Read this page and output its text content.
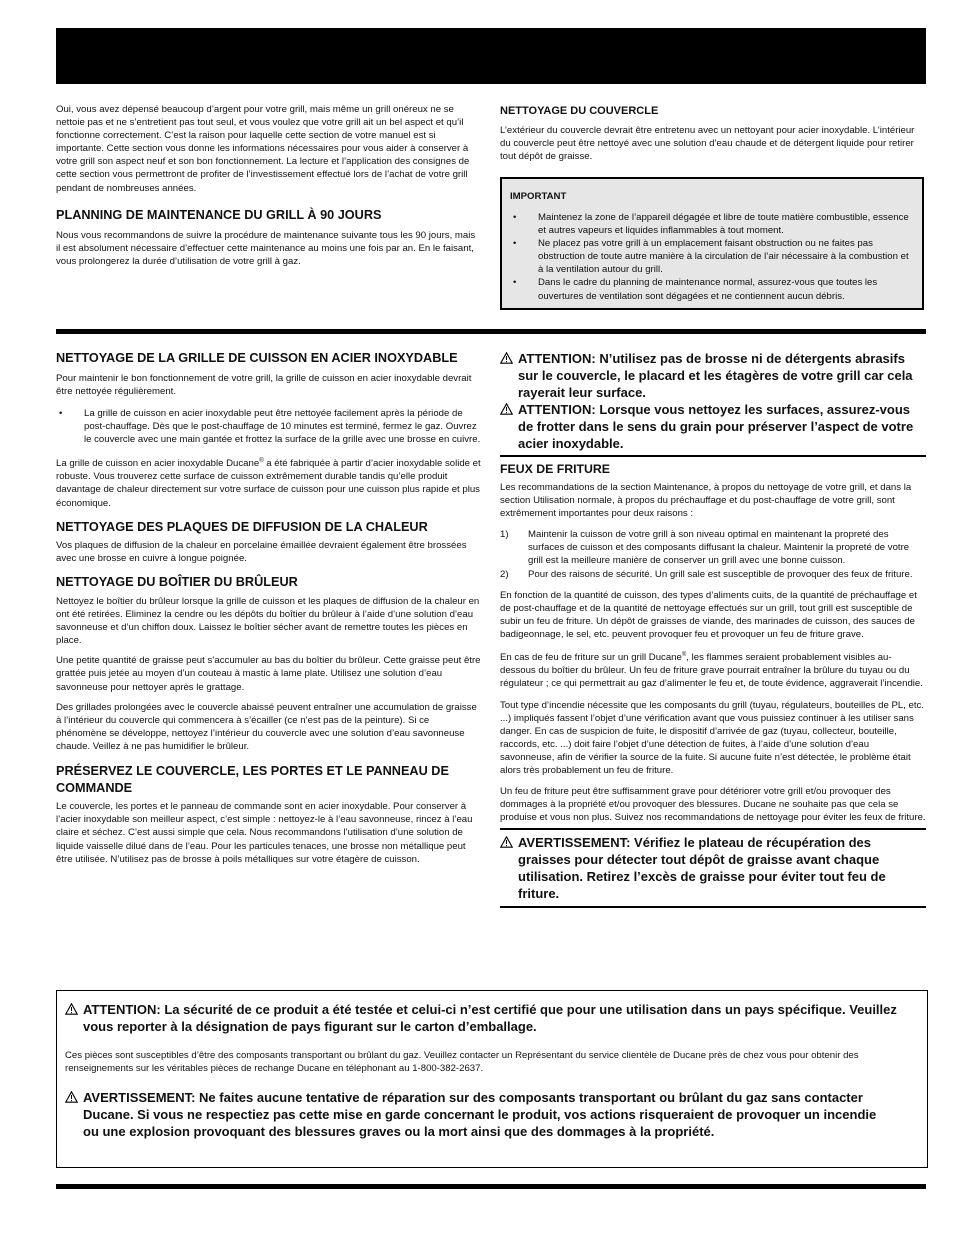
Oui, vous avez dépensé beaucoup d’argent pour votre grill, mais même un grill onéreux ne se nettoie pas et ne s’entretient pas tout seul, et vous voulez que votre grill ait un bel aspect et qu’il fonctionne correctement. C’est la raison pour laquelle cette section de votre manuel est si importante. Cette section vous donne les informations nécessaires pour vous aider à conserver à votre grill son aspect neuf et son bon fonctionnement. La lecture et l’application des consignes de cette section vous permettront de profiter de l’investissement effectué lors de l’achat de votre grill pendant de nombreuses années.

PLANNING DE MAINTENANCE DU GRILL À 90 JOURS

Nous vous recommandons de suivre la procédure de maintenance suivante tous les 90 jours, mais il est absolument nécessaire d’effectuer cette maintenance au moins une fois par an. En le faisant, vous prolongerez la durée d’utilisation de votre grill à gaz.

NETTOYAGE DU COUVERCLE

L’extérieur du couvercle devrait être entretenu avec un nettoyant pour acier inoxydable. L’intérieur du couvercle peut être nettoyé avec une solution d’eau chaude et de détergent liquide pour retirer tout dépôt de graisse.

IMPORTANT
• Maintenez la zone de l’appareil dégagée et libre de toute matière combustible, essence et autres vapeurs et liquides inflammables à tout moment.
• Ne placez pas votre grill à un emplacement faisant obstruction ou ne faites pas obstruction de toute autre manière à la circulation de l’air nécessaire à la combustion et à la ventilation autour du grill.
• Dans le cadre du planning de maintenance normal, assurez-vous que toutes les ouvertures de ventilation sont dégagées et ne contiennent aucun débris.
NETTOYAGE DE LA GRILLE DE CUISSON EN ACIER INOXYDABLE

Pour maintenir le bon fonctionnement de votre grill, la grille de cuisson en acier inoxydable devrait être nettoyée régulièrement.

• La grille de cuisson en acier inoxydable peut être nettoyée facilement après la période de post-chauffage. Dès que le post-chauffage de 10 minutes est terminé, fermez le gaz. Ouvrez le couvercle avec une main gantée et frottez la surface de la grille avec une brosse en cuivre.

La grille de cuisson en acier inoxydable Ducane® a été fabriquée à partir d’acier inoxydable solide et robuste. Vous trouverez cette surface de cuisson extrêmement durable tandis qu’elle produit davantage de chaleur directement sur votre surface de cuisson pour une cuisson plus rapide et plus économique.

NETTOYAGE DES PLAQUES DE DIFFUSION DE LA CHALEUR

Vos plaques de diffusion de la chaleur en porcelaine émaillée devraient également être brossées avec une brosse en cuivre à longue poignée.

NETTOYAGE DU BOÎTIER DU BRÛLEUR

Nettoyez le boîtier du brûleur lorsque la grille de cuisson et les plaques de diffusion de la chaleur en ont été retirées. Eliminez la cendre ou les dépôts du boîtier du brûleur à l’aide d’une solution d’eau savonneuse et d’un chiffon doux. Laissez le boîtier sécher avant de remettre toutes les pièces en place.

Une petite quantité de graisse peut s’accumuler au bas du boîtier du brûleur. Cette graisse peut être grattée puis jetée au moyen d’un couteau à mastic à lame plate. Utilisez une solution d’eau savonneuse pour nettoyer après le grattage.

Des grillades prolongées avec le couvercle abaissé peuvent entraîner une accumulation de graisse à l’intérieur du couvercle qui commencera à s’écailler (ce n’est pas de la peinture). Si ce phénomène se développe, nettoyez l’intérieur du couvercle avec une solution d’eau savonneuse chaude. Veillez à ne pas humidifier le brûleur.

PRÉSERVEZ LE COUVERCLE, LES PORTES ET LE PANNEAU DE COMMANDE

Le couvercle, les portes et le panneau de commande sont en acier inoxydable. Pour conserver à l’acier inoxydable son meilleur aspect, c’est simple : nettoyez-le à l’eau savonneuse, rincez à l’eau claire et séchez. C’est aussi simple que cela. Nous recommandons l’utilisation d’une solution de liquide vaisselle dilué dans de l’eau. Pour les particules tenaces, une brosse non métallique peut être utilisée. N’utilisez pas de brosse à poils métalliques sur votre étagère de cuisson.

ATTENTION: N’utilisez pas de brosse ni de détergents abrasifs sur le couvercle, le placard et les étagères de votre grill car cela rayerait leur surface.
ATTENTION: Lorsque vous nettoyez les surfaces, assurez-vous de frotter dans le sens du grain pour préserver l’aspect de votre acier inoxydable.
FEUX DE FRITURE

Les recommandations de la section Maintenance, à propos du nettoyage de votre grill, et dans la section Utilisation normale, à propos du préchauffage et du post-chauffage de votre grill, sont extrêmement importantes pour deux raisons :

1) Maintenir la cuisson de votre grill à son niveau optimal en maintenant la propreté des surfaces de cuisson et des composants diffusant la chaleur. Maintenir la propreté de votre grill est la meilleure manière de conserver un grill avec une bonne cuisson.
2) Pour des raisons de sécurité. Un grill sale est susceptible de provoquer des feux de friture.

En fonction de la quantité de cuisson, des types d’aliments cuits, de la quantité de préchauffage et de post-chauffage et de la quantité de nettoyage effectués sur un grill, tout grill est susceptible de subir un feu de friture. Un dépôt de graisses de viande, des marinades de cuisson, des sauces de badigeonnage, le sel, etc. peuvent provoquer feu et provoquer un feu de friture grave.

En cas de feu de friture sur un grill Ducane®, les flammes seraient probablement visibles au-dessous du boîtier du brûleur. Un feu de friture grave pourrait entraîner la brûlure du tuyau ou du régulateur ; ce qui permettrait au gaz d’alimenter le feu et, de toute évidence, aggraverait l’incendie.

Tout type d’incendie nécessite que les composants du grill (tuyau, régulateurs, bouteilles de PL, etc. ...) impliqués fassent l’objet d’une vérification avant que vous puissiez continuer à les utiliser sans danger. En cas de suspicion de fuite, le dispositif d’arrivée de gaz (tuyau, collecteur, bouteille, raccords, etc. ...) doit faire l’objet d’une détection de fuites, à l’aide d’une solution d’eau savonneuse, afin de vérifier la source de la fuite. Si aucune fuite n’est détectée, le problème était alors très probablement un feu de friture.

Un feu de friture peut être suffisamment grave pour détériorer votre grill et/ou provoquer des dommages à la propriété et/ou provoquer des blessures. Ducane ne souhaite pas que cela se produise et vous non plus. Suivez nos recommandations de nettoyage pour éviter les feux de friture.

AVERTISSEMENT: Vérifiez le plateau de récupération des graisses pour détecter tout dépôt de graisse avant chaque utilisation. Retirez l’excès de graisse pour éviter tout feu de friture.
ATTENTION: La sécurité de ce produit a été testée et celui-ci n’est certifié que pour une utilisation dans un pays spécifique. Veuillez vous reporter à la désignation de pays figurant sur le carton d’emballage.

Ces pièces sont susceptibles d’être des composants transportant ou brûlant du gaz. Veuillez contacter un Représentant du service clientèle de Ducane près de chez vous pour obtenir des renseignements sur les véritables pièces de rechange Ducane en téléphonant au 1-800-382-2637.

AVERTISSEMENT: Ne faites aucune tentative de réparation sur des composants transportant ou brûlant du gaz sans contacter Ducane. Si vous ne respectiez pas cette mise en garde concernant le produit, vos actions risqueraient de provoquer un incendie ou une explosion provoquant des blessures graves ou la mort ainsi que des dommages à la propriété.
